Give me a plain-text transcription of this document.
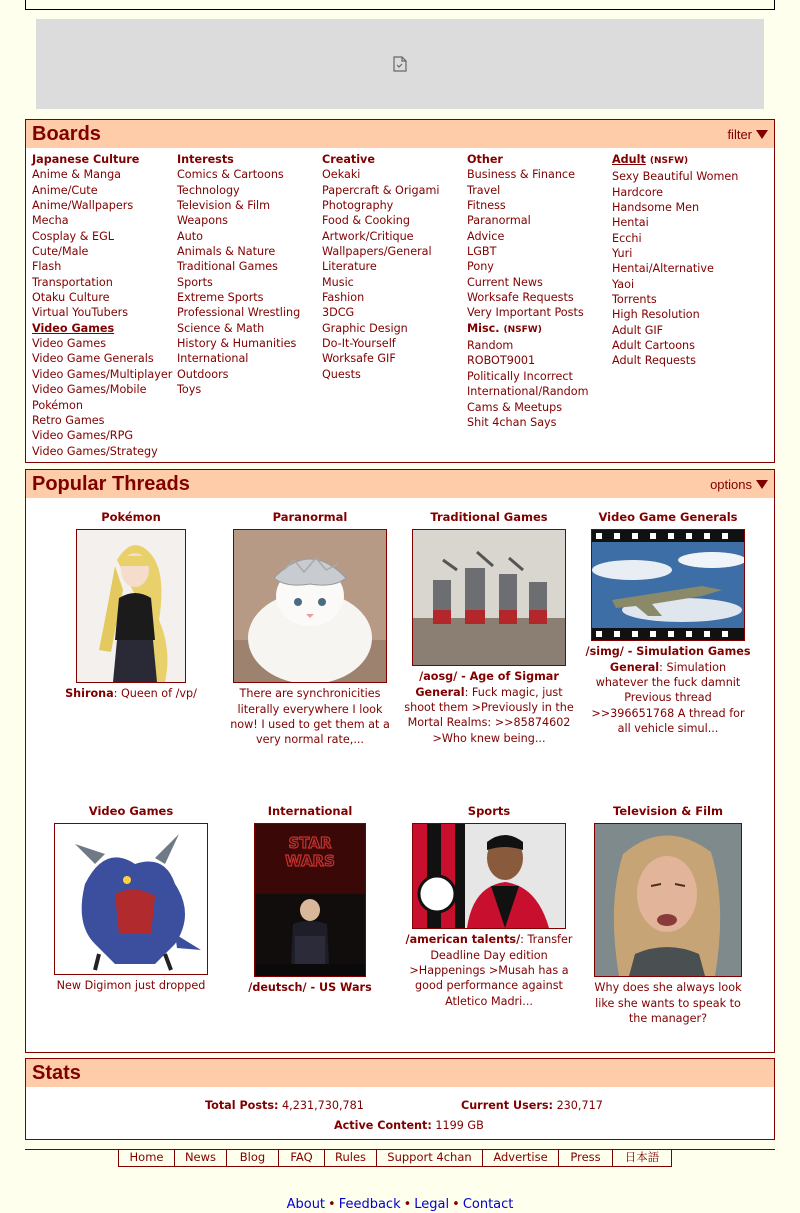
Boards	filter
Japanese Culture
Anime & Manga
Anime/Cute
Anime/Wallpapers
Mecha
Cosplay & EGL
Cute/Male
Flash
Transportation
Otaku Culture
Virtual YouTubers
Video Games
Video Games
Video Game Generals
Video Games/Multiplayer
Video Games/Mobile
Pokémon
Retro Games
Video Games/RPG
Video Games/Strategy
Interests
Comics & Cartoons
Technology
Television & Film
Weapons
Auto
Animals & Nature
Traditional Games
Sports
Extreme Sports
Professional Wrestling
Science & Math
History & Humanities
International
Outdoors
Toys
Creative
Oekaki
Papercraft & Origami
Photography
Food & Cooking
Artwork/Critique
Wallpapers/General
Literature
Music
Fashion
3DCG
Graphic Design
Do-It-Yourself
Worksafe GIF
Quests
Other
Business & Finance
Travel
Fitness
Paranormal
Advice
LGBT
Pony
Current News
Worksafe Requests
Very Important Posts
Misc. (NSFW)
Random
ROBOT9001
Politically Incorrect
International/Random
Cams & Meetups
Shit 4chan Says
Adult (NSFW)
Sexy Beautiful Women
Hardcore
Handsome Men
Hentai
Ecchi
Yuri
Hentai/Alternative
Yaoi
Torrents
High Resolution
Adult GIF
Adult Cartoons
Adult Requests
Popular Threads	options
Pokémon
Shirona: Queen of /vp/
Paranormal
There are synchronicities literally everywhere I look now! I used to get them at a very normal rate,...
Traditional Games
/aosg/ - Age of Sigmar General: Fuck magic, just shoot them >Previously in the Mortal Realms: >>85874602 >Who knew being...
Video Game Generals
/simg/ - Simulation Games General: Simulation whatever the fuck damnit Previous thread >>396651768 A thread for all vehicle simul...
Video Games
New Digimon just dropped
International
STAR
WARS
/deutsch/ - US Wars
Sports
/american talents/: Transfer Deadline Day edition >Happenings >Musah has a good performance against Atletico Madri...
Television & Film
Why does she always look like she wants to speak to the manager?
Stats
Total Posts: 4,231,730,781	Current Users: 230,717
Active Content: 1199 GB
Home	News	Blog	FAQ	Rules	Support 4chan	Advertise	Press	日本語
About • Feedback • Legal • Contact
